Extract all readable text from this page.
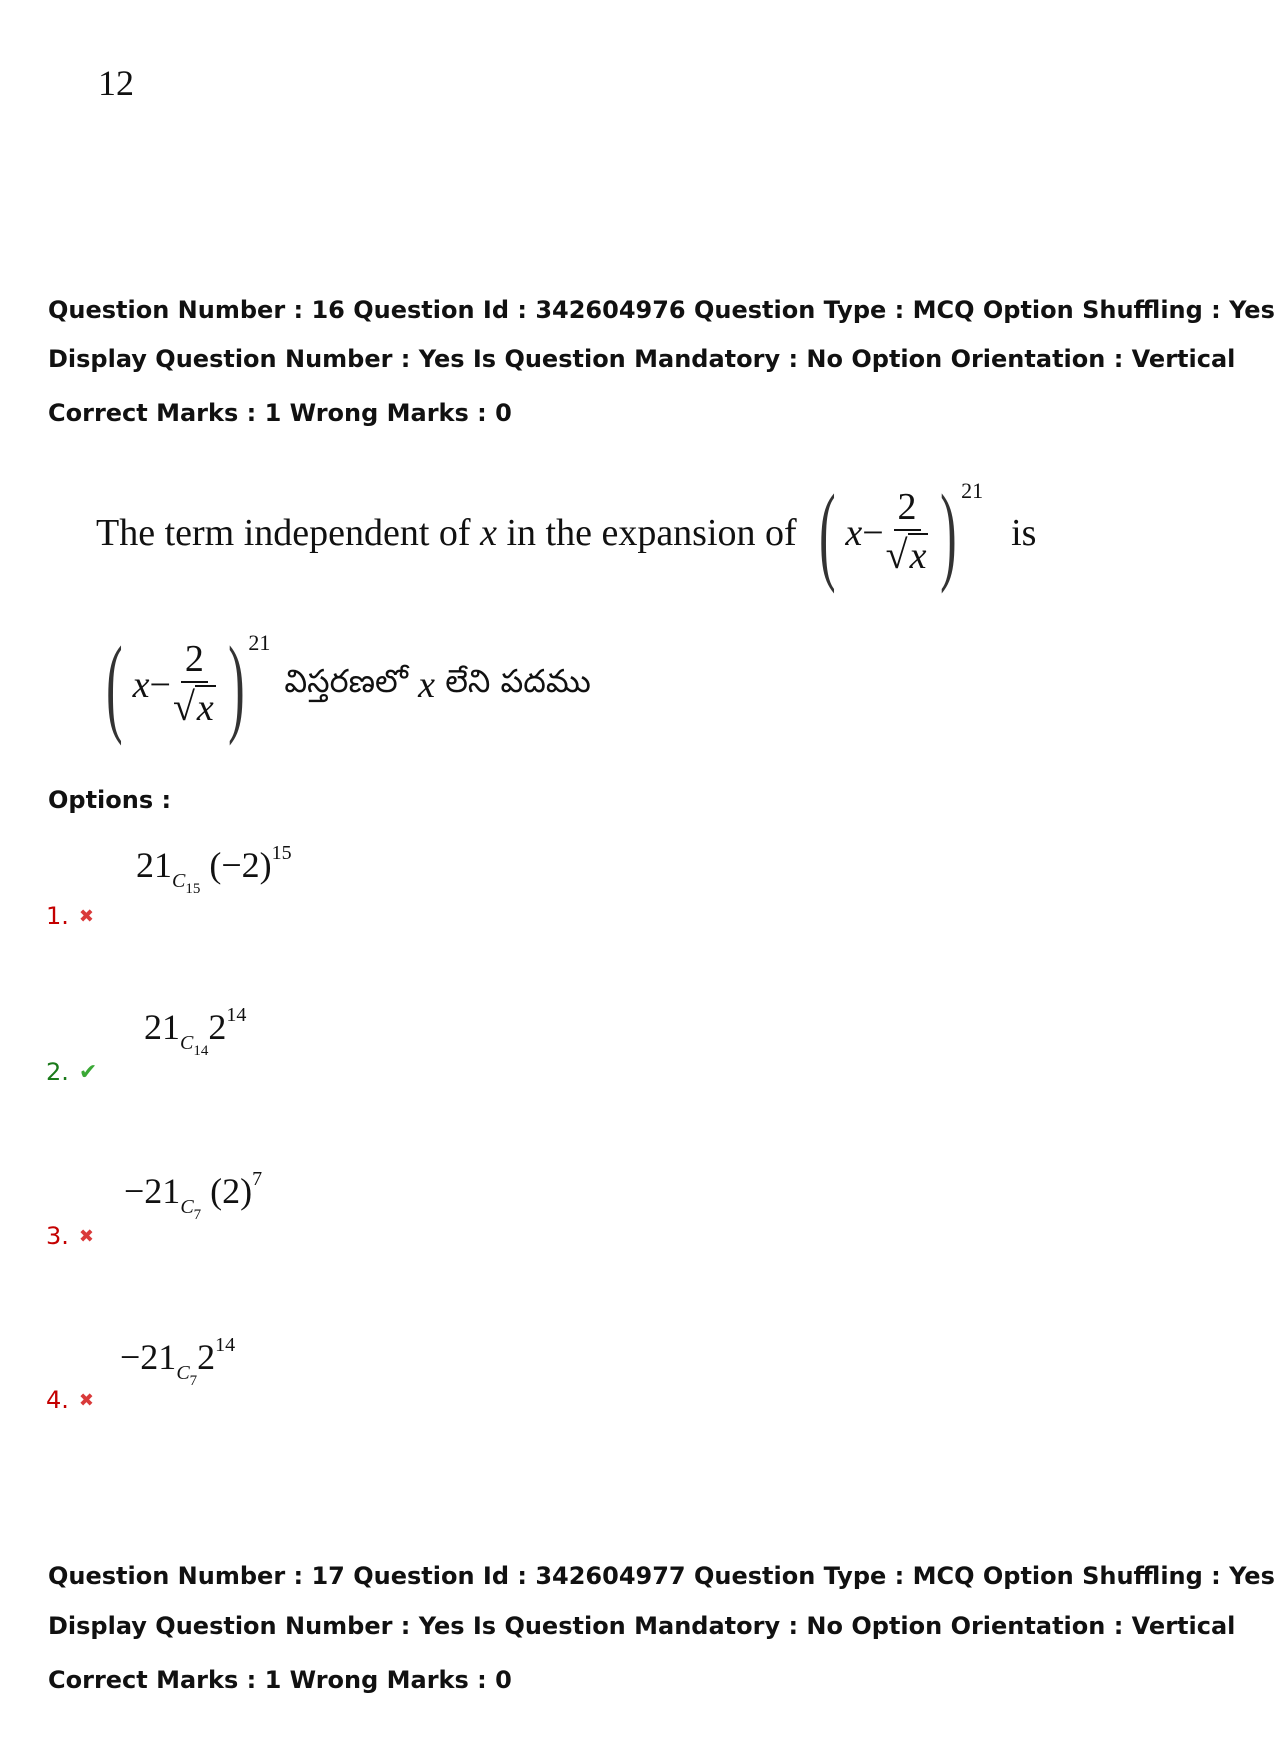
12
Question Number : 16 Question Id : 342604976 Question Type : MCQ Option Shuffling : Yes
Display Question Number : Yes Is Question Mandatory : No Option Orientation : Vertical
Correct Marks : 1 Wrong Marks : 0
The term independent of x in the expansion of ( $x - \frac{2}{√x}$ ) 21
is
( $x - \frac{2}{√x}$ ) 21
విస్తరణలో x లేని పదము
Options :
$21_{C_{15}}$ $(-2)^{15}$
1. ✖
$21_{C_{14}}2^{14}$
2. ✔
$-21_{C_7}$ $(2)^7$
3. ✖
$-21_{C_7}2^{14}$
4. ✖
Question Number : 17 Question Id : 342604977 Question Type : MCQ Option Shuffling : Yes
Display Question Number : Yes Is Question Mandatory : No Option Orientation : Vertical
Correct Marks : 1 Wrong Marks : 0
